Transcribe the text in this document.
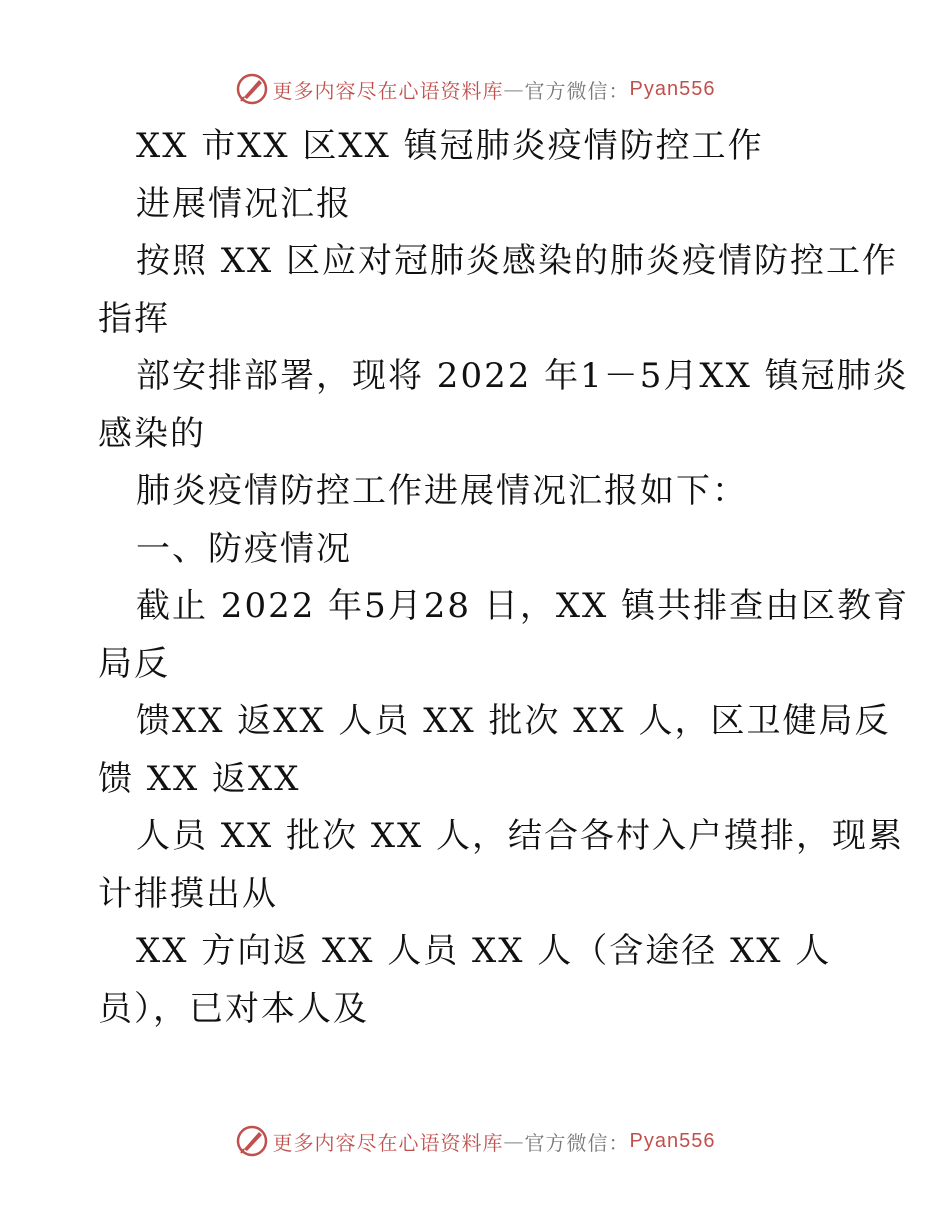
更多内容尽在心语资料库 — 官方微信： Pyan556
XX 市XX 区XX 镇冠肺炎疫情防控工作
进展情况汇报
按照 XX 区应对冠肺炎感染的肺炎疫情防控工作
指挥
部安排部署，现将 2022 年1－5月XX 镇冠肺炎
感染的
肺炎疫情防控工作进展情况汇报如下：
一、防疫情况
截止 2022 年5月28 日，XX 镇共排查由区教育
局反
馈XX 返XX 人员 XX 批次 XX 人，区卫健局反
馈 XX 返XX
人员 XX 批次 XX 人，结合各村入户摸排，现累
计排摸出从
XX 方向返 XX 人员 XX 人（含途径 XX 人
员），已对本人及
更多内容尽在心语资料库 — 官方微信： Pyan556
